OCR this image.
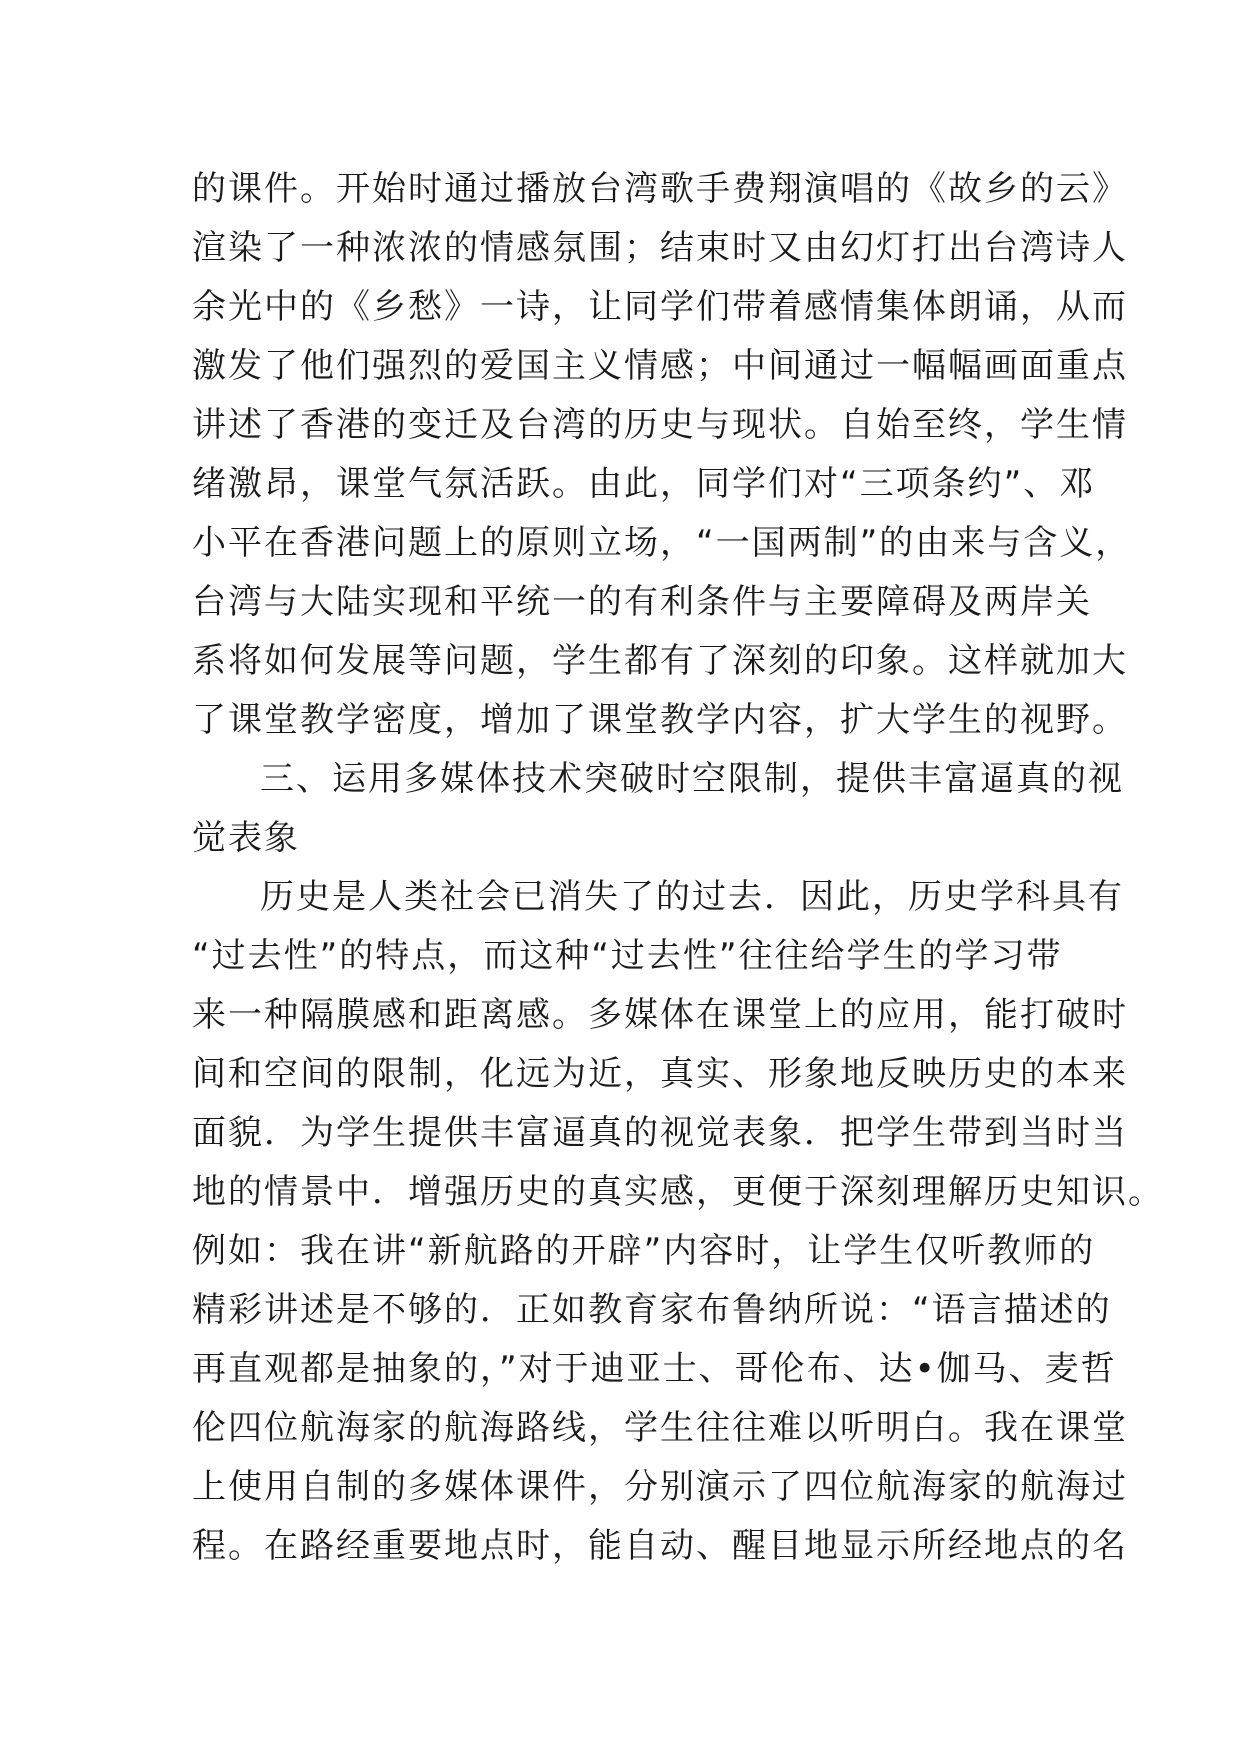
的课件。开始时通过播放台湾歌手费翔演唱的《故乡的云》
渲染了一种浓浓的情感氛围；结束时又由幻灯打出台湾诗人
余光中的《乡愁》一诗，让同学们带着感情集体朗诵，从而
激发了他们强烈的爱国主义情感；中间通过一幅幅画面重点
讲述了香港的变迁及台湾的历史与现状。自始至终，学生情
绪激昂，课堂气氛活跃。由此，同学们对“三项条约”、邓
小平在香港问题上的原则立场，“一国两制”的由来与含义，
台湾与大陆实现和平统一的有利条件与主要障碍及两岸关
系将如何发展等问题，学生都有了深刻的印象。这样就加大
了课堂教学密度，增加了课堂教学内容，扩大学生的视野。
三、运用多媒体技术突破时空限制，提供丰富逼真的视
觉表象
历史是人类社会已消失了的过去．因此，历史学科具有
“过去性”的特点，而这种“过去性”往往给学生的学习带
来一种隔膜感和距离感。多媒体在课堂上的应用，能打破时
间和空间的限制，化远为近，真实、形象地反映历史的本来
面貌．为学生提供丰富逼真的视觉表象．把学生带到当时当
地的情景中．增强历史的真实感，更便于深刻理解历史知识。
例如：我在讲“新航路的开辟”内容时，让学生仅听教师的
精彩讲述是不够的．正如教育家布鲁纳所说：“语言描述的
再直观都是抽象的，”对于迪亚士、哥伦布、达•伽马、麦哲
伦四位航海家的航海路线，学生往往难以听明白。我在课堂
上使用自制的多媒体课件，分别演示了四位航海家的航海过
程。在路经重要地点时，能自动、醒目地显示所经地点的名
